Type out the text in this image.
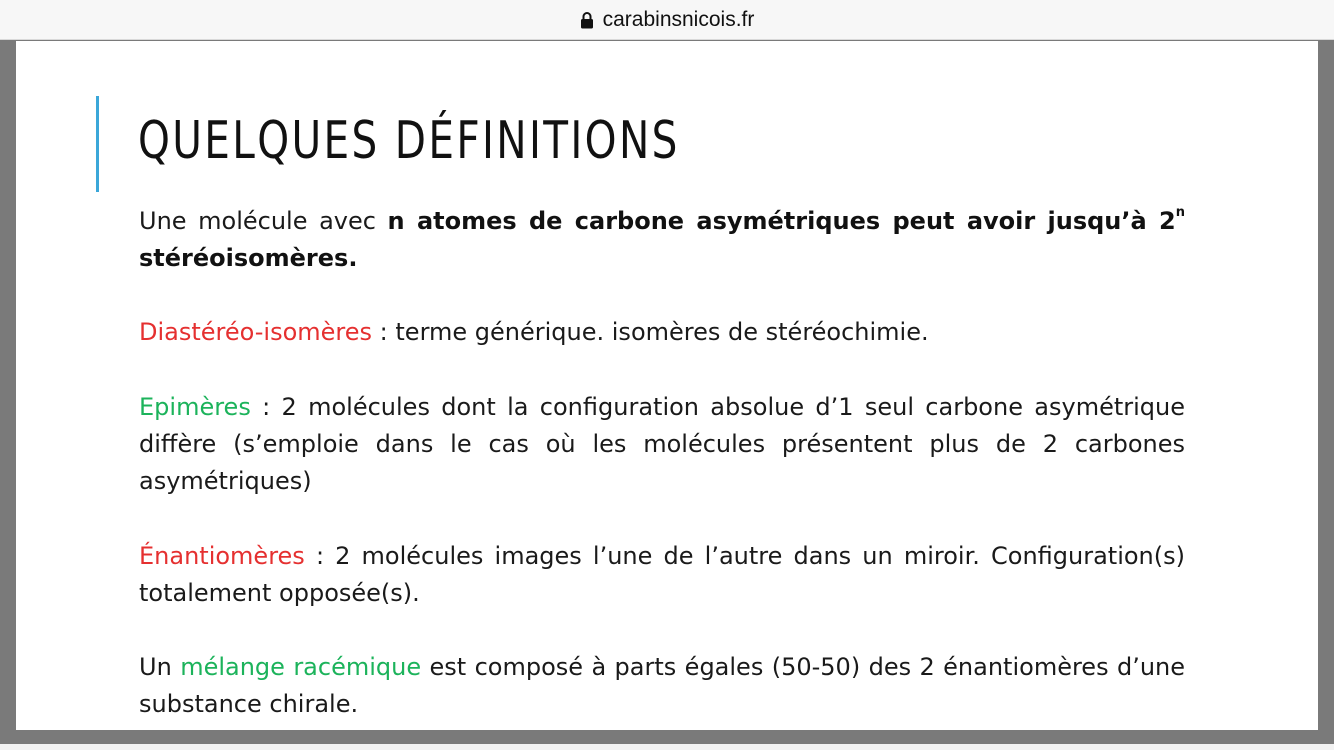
carabinsnicois.fr
QUELQUES DÉFINITIONS

Une molécule avec n atomes de carbone asymétriques peut avoir jusqu’à 2$^n$ stéréoisomères.

Diastéréo-isomères : terme générique. isomères de stéréochimie.

Epimères : 2 molécules dont la configuration absolue d’1 seul carbone asymétrique diffère (s’emploie dans le cas où les molécules présentent plus de 2 carbones asymétriques)

Énantiomères : 2 molécules images l’une de l’autre dans un miroir. Configuration(s) totalement opposée(s).

Un mélange racémique est composé à parts égales (50-50) des 2 énantiomères d’une substance chirale.
